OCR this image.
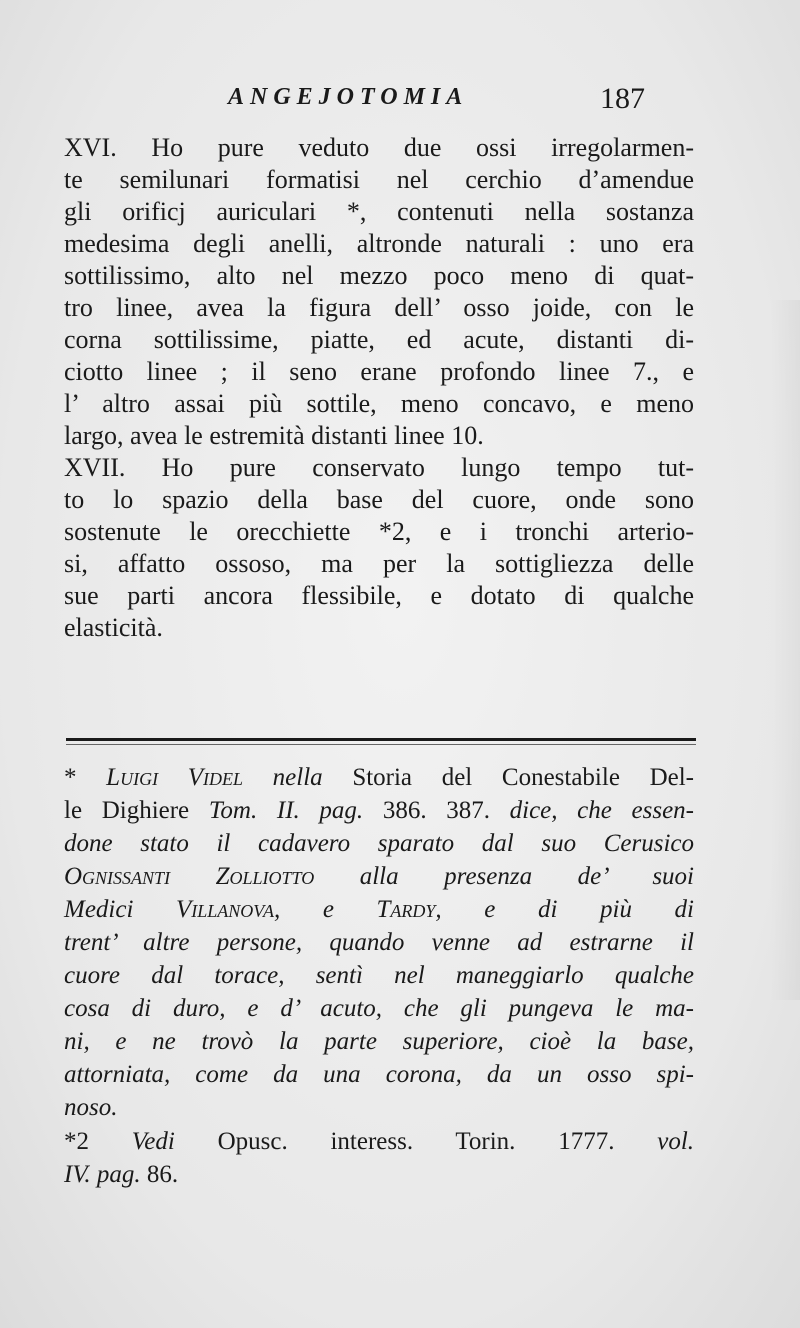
ANGEJOTOMIA	187
XVI. Ho pure veduto due ossi irregolarmen-
te semilunari formatisi nel cerchio d’amendue
gli orificj auriculari *, contenuti nella sostanza
medesima degli anelli, altronde naturali : uno era
sottilissimo, alto nel mezzo poco meno di quat-
tro linee, avea la figura dell’ osso joide, con le
corna sottilissime, piatte, ed acute, distanti di-
ciotto linee ; il seno erane profondo linee 7., e
l’ altro assai più sottile, meno concavo, e meno
largo, avea le estremità distanti linee 10.
XVII. Ho pure conservato lungo tempo tut-
to lo spazio della base del cuore, onde sono
sostenute le orecchiette *2, e i tronchi arterio-
si, affatto ossoso, ma per la sottigliezza delle
sue parti ancora flessibile, e dotato di qualche
elasticità.
* Luigi Videl nella Storia del Conestabile Del-
le Dighiere Tom. II. pag. 386. 387. dice, che essen-
done stato il cadavero sparato dal suo Cerusico
Ognissanti Zolliotto alla presenza de’ suoi
Medici Villanova, e Tardy, e di più di
trent’ altre persone, quando venne ad estrarne il
cuore dal torace, sentì nel maneggiarlo qualche
cosa di duro, e d’ acuto, che gli pungeva le ma-
ni, e ne trovò la parte superiore, cioè la base,
attorniata, come da una corona, da un osso spi-
noso.
*2 Vedi Opusc. interess. Torin. 1777. vol.
IV. pag. 86.
